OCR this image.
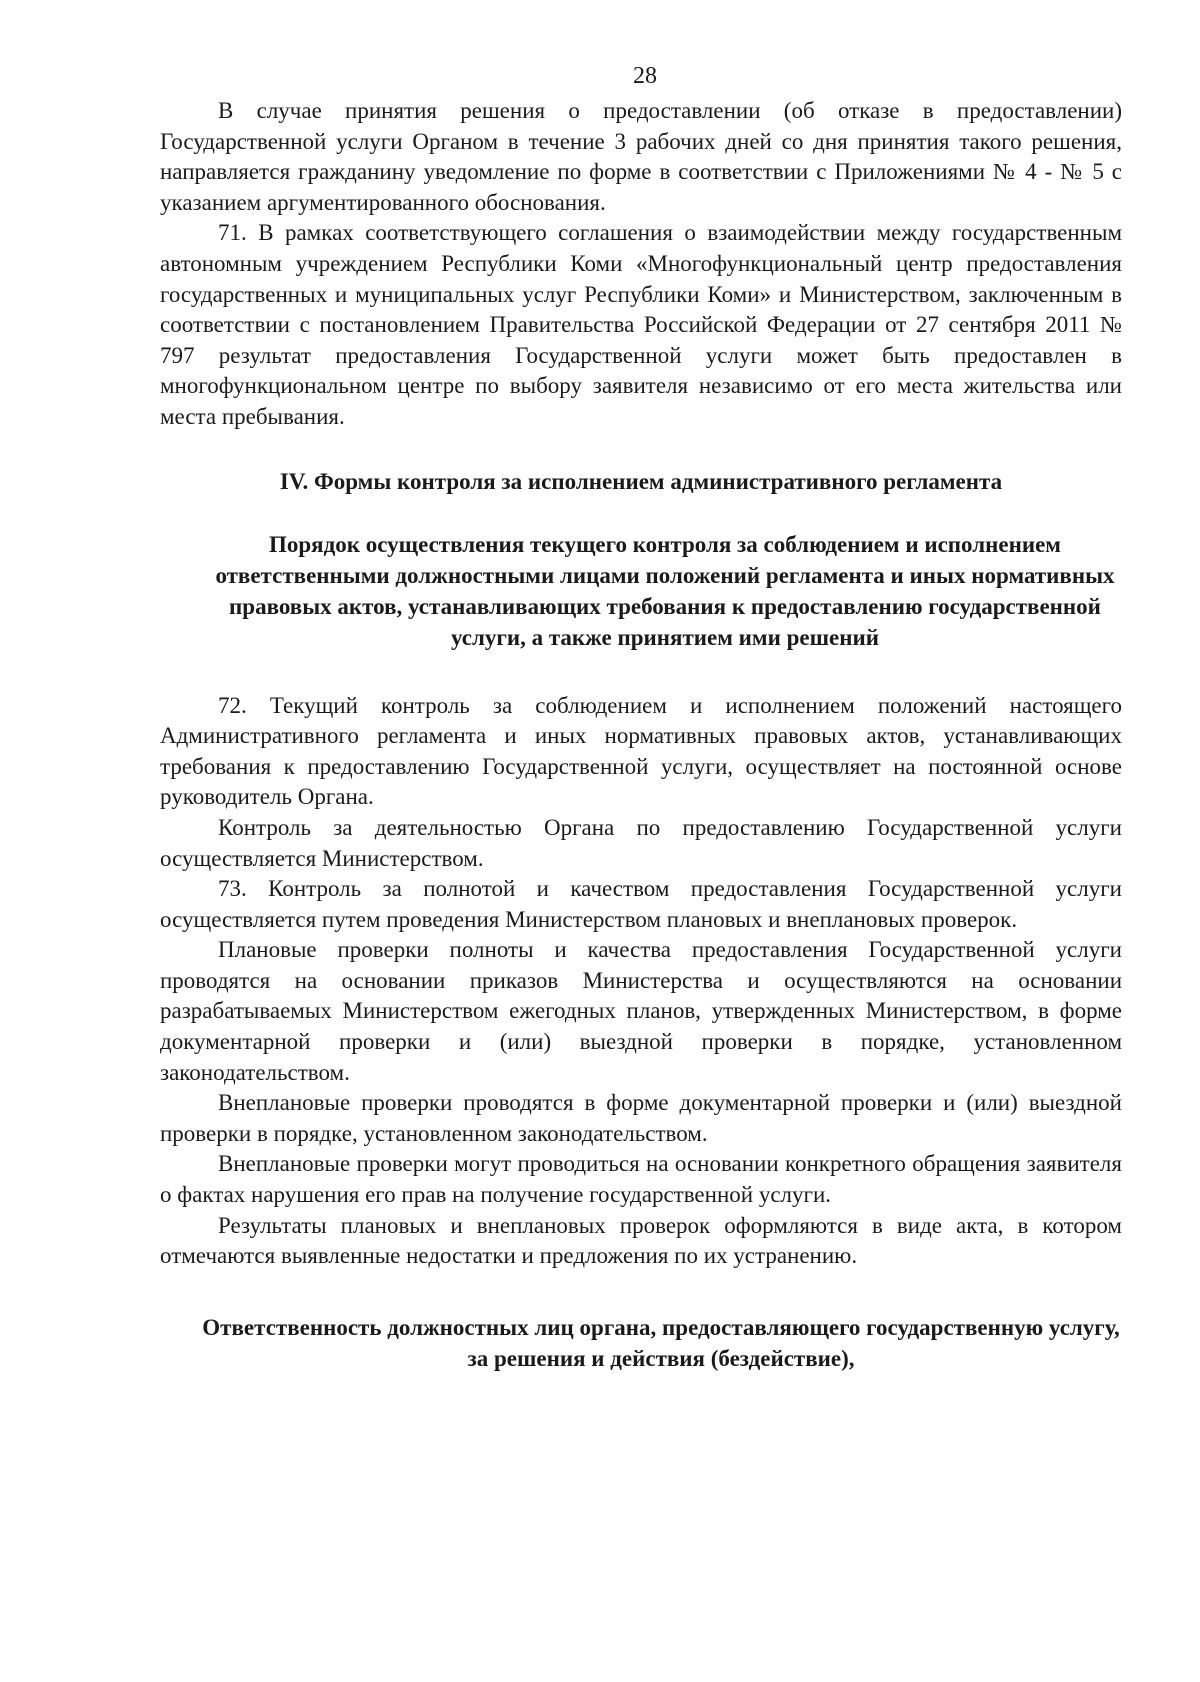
28

В случае принятия решения о предоставлении (об отказе в предоставлении) Государственной услуги Органом в течение 3 рабочих дней со дня принятия такого решения, направляется гражданину уведомление по форме в соответствии с Приложениями № 4 - № 5 с указанием аргументированного обоснования.

71. В рамках соответствующего соглашения о взаимодействии между государственным автономным учреждением Республики Коми «Многофункциональный центр предоставления государственных и муниципальных услуг Республики Коми» и Министерством, заключенным в соответствии с постановлением Правительства Российской Федерации от 27 сентября 2011 № 797 результат предоставления Государственной услуги может быть предоставлен в многофункциональном центре по выбору заявителя независимо от его места жительства или места пребывания.

IV. Формы контроля за исполнением административного регламента
Порядок осуществления текущего контроля за соблюдением и исполнением ответственными должностными лицами положений регламента и иных нормативных правовых актов, устанавливающих требования к предоставлению государственной услуги, а также принятием ими решений

72. Текущий контроль за соблюдением и исполнением положений настоящего Административного регламента и иных нормативных правовых актов, устанавливающих требования к предоставлению Государственной услуги, осуществляет на постоянной основе руководитель Органа.

Контроль за деятельностью Органа по предоставлению Государственной услуги осуществляется Министерством.

73. Контроль за полнотой и качеством предоставления Государственной услуги осуществляется путем проведения Министерством плановых и внеплановых проверок.

Плановые проверки полноты и качества предоставления Государственной услуги проводятся на основании приказов Министерства и осуществляются на основании разрабатываемых Министерством ежегодных планов, утвержденных Министерством, в форме документарной проверки и (или) выездной проверки в порядке, установленном законодательством.

Внеплановые проверки проводятся в форме документарной проверки и (или) выездной проверки в порядке, установленном законодательством.

Внеплановые проверки могут проводиться на основании конкретного обращения заявителя о фактах нарушения его прав на получение государственной услуги.

Результаты плановых и внеплановых проверок оформляются в виде акта, в котором отмечаются выявленные недостатки и предложения по их устранению.

Ответственность должностных лиц органа, предоставляющего государственную услугу, за решения и действия (бездействие),
